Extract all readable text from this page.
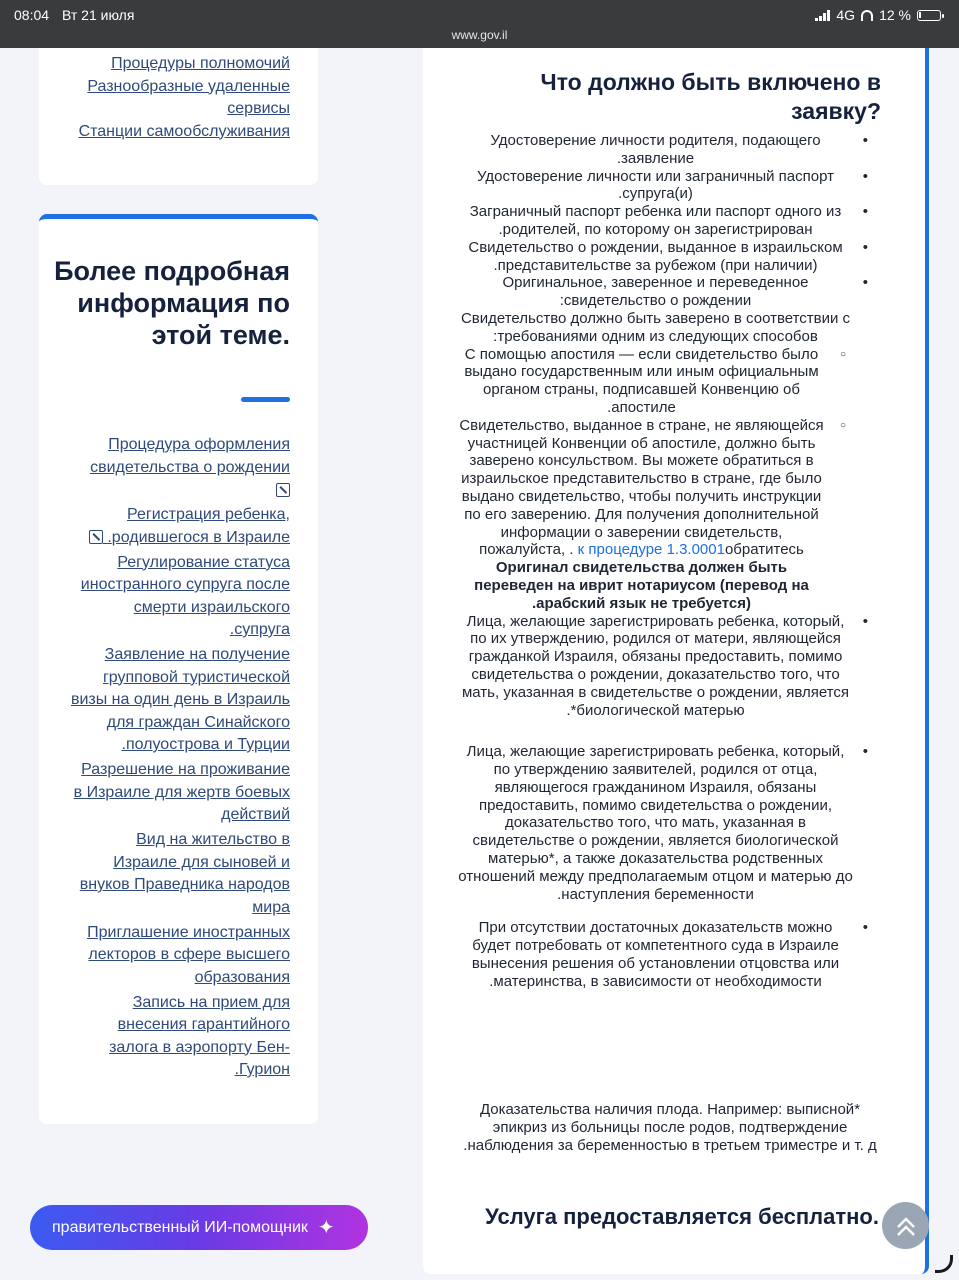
08:04 Вт 21 июля	4G 12 %
www.gov.il
Процедуры полномочий
Разнообразные удаленные сервисы
Станции самообслуживания
Более подробная информация по этой теме.
Процедура оформления свидетельства о рождении

Регистрация ребенка, родившегося в Израиле.
Регулирование статуса иностранного супруга после смерти израильского супруга.
Заявление на получение групповой туристической визы на один день в Израиль для граждан Синайского полуострова и Турции.
Разрешение на проживание в Израиле для жертв боевых действий
Вид на жительство в Израиле для сыновей и внуков Праведника народов мира
Приглашение иностранных лекторов в сфере высшего образования
Запись на прием для внесения гарантийного залога в аэропорту Бен-Гурион.
Что должно быть включено в заявку?
• Удостоверение личности родителя, подающего заявление.
• Удостоверение личности или заграничный паспорт супруга(и).
• Заграничный паспорт ребенка или паспорт одного из родителей, по которому он зарегистрирован.
• Свидетельство о рождении, выданное в израильском представительстве за рубежом (при наличии).
• Оригинальное, заверенное и переведенное свидетельство о рождении:
Свидетельство должно быть заверено в соответствии с требованиями одним из следующих способов:
○ С помощью апостиля — если свидетельство было выдано государственным или иным официальным органом страны, подписавшей Конвенцию об апостиле.
○ Свидетельство, выданное в стране, не являющейся участницей Конвенции об апостиле, должно быть заверено консульством. Вы можете обратиться в израильское представительство в стране, где было выдано свидетельство, чтобы получить инструкции по его заверению. Для получения дополнительной информации о заверении свидетельств, пожалуйста, . к процедуре 1.3.0001обратитесь
Оригинал свидетельства должен быть переведен на иврит нотариусом (перевод на арабский язык не требуется).
• Лица, желающие зарегистрировать ребенка, который, по их утверждению, родился от матери, являющейся гражданкой Израиля, обязаны предоставить, помимо свидетельства о рождении, доказательство того, что мать, указанная в свидетельстве о рождении, является биологической матерью*.
• Лица, желающие зарегистрировать ребенка, который, по утверждению заявителей, родился от отца, являющегося гражданином Израиля, обязаны предоставить, помимо свидетельства о рождении, доказательство того, что мать, указанная в свидетельстве о рождении, является биологической матерью*, а также доказательства родственных отношений между предполагаемым отцом и матерью до наступления беременности.
• При отсутствии достаточных доказательств можно будет потребовать от компетентного суда в Израиле вынесения решения об установлении отцовства или материнства, в зависимости от необходимости.
*Доказательства наличия плода. Например: выписной эпикриз из больницы после родов, подтверждение наблюдения за беременностью в третьем триместре и т. д.
Услуга предоставляется бесплатно.
правительственный ИИ-помощник ✦
